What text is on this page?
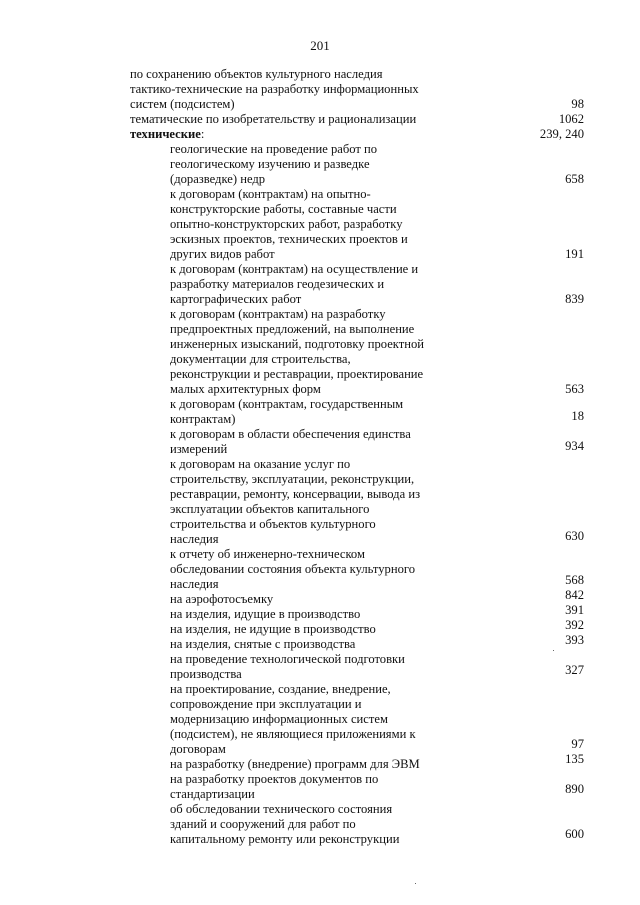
201
по сохранению объектов культурного наследия
тактико-технические на разработку информационных
систем (подсистем)
тематические по изобретательству и рационализации
технические:
геологические на проведение работ по
геологическому изучению и разведке
(доразведке) недр
к договорам (контрактам) на опытно-
конструкторские работы, составные части
опытно-конструкторских работ, разработку
эскизных проектов, технических проектов и
других видов работ
к договорам (контрактам) на осуществление и
разработку материалов геодезических и
картографических работ
к договорам (контрактам) на разработку
предпроектных предложений, на выполнение
инженерных изысканий, подготовку проектной
документации для строительства,
реконструкции и реставрации, проектирование
малых архитектурных форм
к договорам (контрактам, государственным
контрактам)
к договорам в области обеспечения единства
измерений
к договорам на оказание услуг по
строительству, эксплуатации, реконструкции,
реставрации, ремонту, консервации, вывода из
эксплуатации объектов капитального
строительства и объектов культурного
наследия
к отчету об инженерно-техническом
обследовании состояния объекта культурного
наследия
на аэрофотосъемку
на изделия, идущие в производство
на изделия, не идущие в производство
на изделия, снятые с производства
на проведение технологической подготовки
производства
на проектирование, создание, внедрение,
сопровождение при эксплуатации и
модернизацию информационных систем
(подсистем), не являющиеся приложениями к
договорам
на разработку (внедрение) программ для ЭВМ
на разработку проектов документов по
стандартизации
об обследовании технического состояния
зданий и сооружений для работ по
капитальному ремонту или реконструкции
98
1062
239, 240
658
191
839
563
18
934
630
568
842
391
392
393
327
97
135
890
600
